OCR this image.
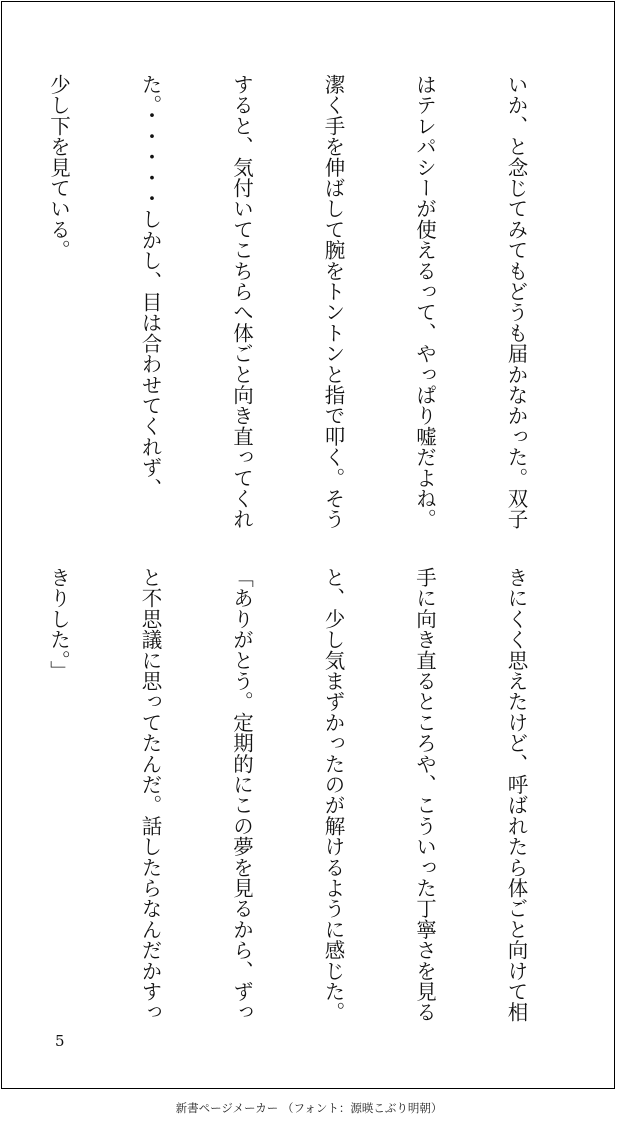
いか、と念じてみてもどうも届かなかった。双子

はテレパシーが使えるって、やっぱり嘘だよね。

潔く手を伸ばして腕をトントンと指で叩く。そう

すると、気付いてこちらへ体ごと向き直ってくれ

た。・・・・・しかし、目は合わせてくれず、

少し下を見ている。

きにくく思えたけど、呼ばれたら体ごと向けて相

手に向き直るところや、こういった丁寧さを見る

と、少し気まずかったのが解けるように感じた。

「ありがとう。定期的にこの夢を見るから、ずっ

と不思議に思ってたんだ。話したらなんだかすっ

きりした。」

5
新書ページメーカー （フォント：源暎こぶり明朝）
